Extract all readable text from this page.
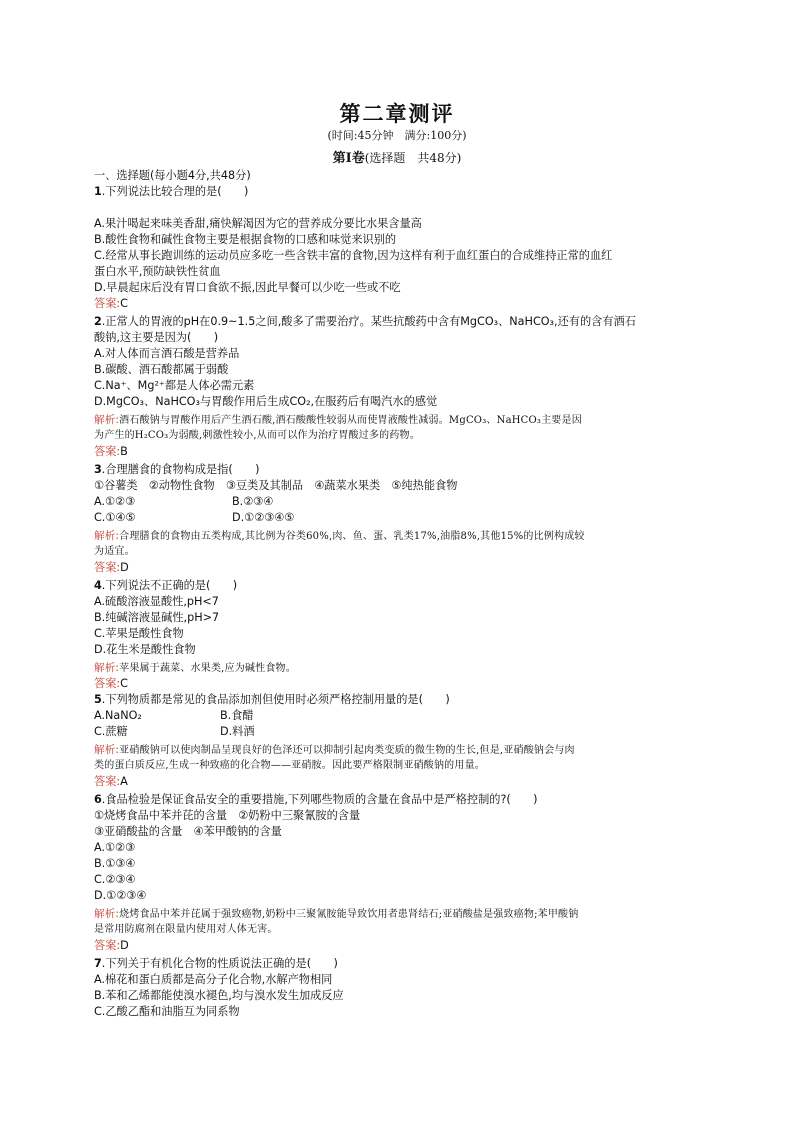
第二章测评
(时间:45分钟　满分:100分)
第Ⅰ卷(选择题　共48分)
一、选择题(每小题4分,共48分)
1.下列说法比较合理的是(　　)
A.果汁喝起来味美香甜,痛快解渴因为它的营养成分要比水果含量高
B.酸性食物和碱性食物主要是根据食物的口感和味觉来识别的
C.经常从事长跑训练的运动员应多吃一些含铁丰富的食物,因为这样有利于血红蛋白的合成维持正常的血红
蛋白水平,预防缺铁性贫血
D.早晨起床后没有胃口食欲不振,因此早餐可以少吃一些或不吃
答案:C
2.正常人的胃液的pH在0.9~1.5之间,酸多了需要治疗。某些抗酸药中含有MgCO₃、NaHCO₃,还有的含有酒石
酸钠,这主要是因为(　　)
A.对人体而言酒石酸是营养品
B.碳酸、酒石酸都属于弱酸
C.Na⁺、Mg²⁺都是人体必需元素
D.MgCO₃、NaHCO₃与胃酸作用后生成CO₂,在服药后有喝汽水的感觉
解析:酒石酸钠与胃酸作用后产生酒石酸,酒石酸酸性较弱从而使胃液酸性减弱。MgCO₃、NaHCO₃主要是因
为产生的H₂CO₃为弱酸,刺激性较小,从而可以作为治疗胃酸过多的药物。
答案:B
3.合理膳食的食物构成是指(　　)
①谷薯类　②动物性食物　③豆类及其制品　④蔬菜水果类　⑤纯热能食物
A.①②③	B.②③④
C.①④⑤	D.①②③④⑤
解析:合理膳食的食物由五类构成,其比例为谷类60%,肉、鱼、蛋、乳类17%,油脂8%,其他15%的比例构成较
为适宜。
答案:D
4.下列说法不正确的是(　　)
A.硫酸溶液显酸性,pH<7
B.纯碱溶液显碱性,pH>7
C.苹果是酸性食物
D.花生米是酸性食物
解析:苹果属于蔬菜、水果类,应为碱性食物。
答案:C
5.下列物质都是常见的食品添加剂但使用时必须严格控制用量的是(　　)
A.NaNO₂	B.食醋
C.蔗糖	D.料酒
解析:亚硝酸钠可以使肉制品呈现良好的色泽还可以抑制引起肉类变质的微生物的生长,但是,亚硝酸钠会与肉
类的蛋白质反应,生成一种致癌的化合物——亚硝胺。因此要严格限制亚硝酸钠的用量。
答案:A
6.食品检验是保证食品安全的重要措施,下列哪些物质的含量在食品中是严格控制的?(　　)
①烧烤食品中苯并芘的含量　②奶粉中三聚氰胺的含量
③亚硝酸盐的含量　④苯甲酸钠的含量
A.①②③
B.①③④
C.②③④
D.①②③④
解析:烧烤食品中苯并芘属于强致癌物,奶粉中三聚氰胺能导致饮用者患肾结石;亚硝酸盐是强致癌物;苯甲酸钠
是常用防腐剂在限量内使用对人体无害。
答案:D
7.下列关于有机化合物的性质说法正确的是(　　)
A.棉花和蛋白质都是高分子化合物,水解产物相同
B.苯和乙烯都能使溴水褪色,均与溴水发生加成反应
C.乙酸乙酯和油脂互为同系物
